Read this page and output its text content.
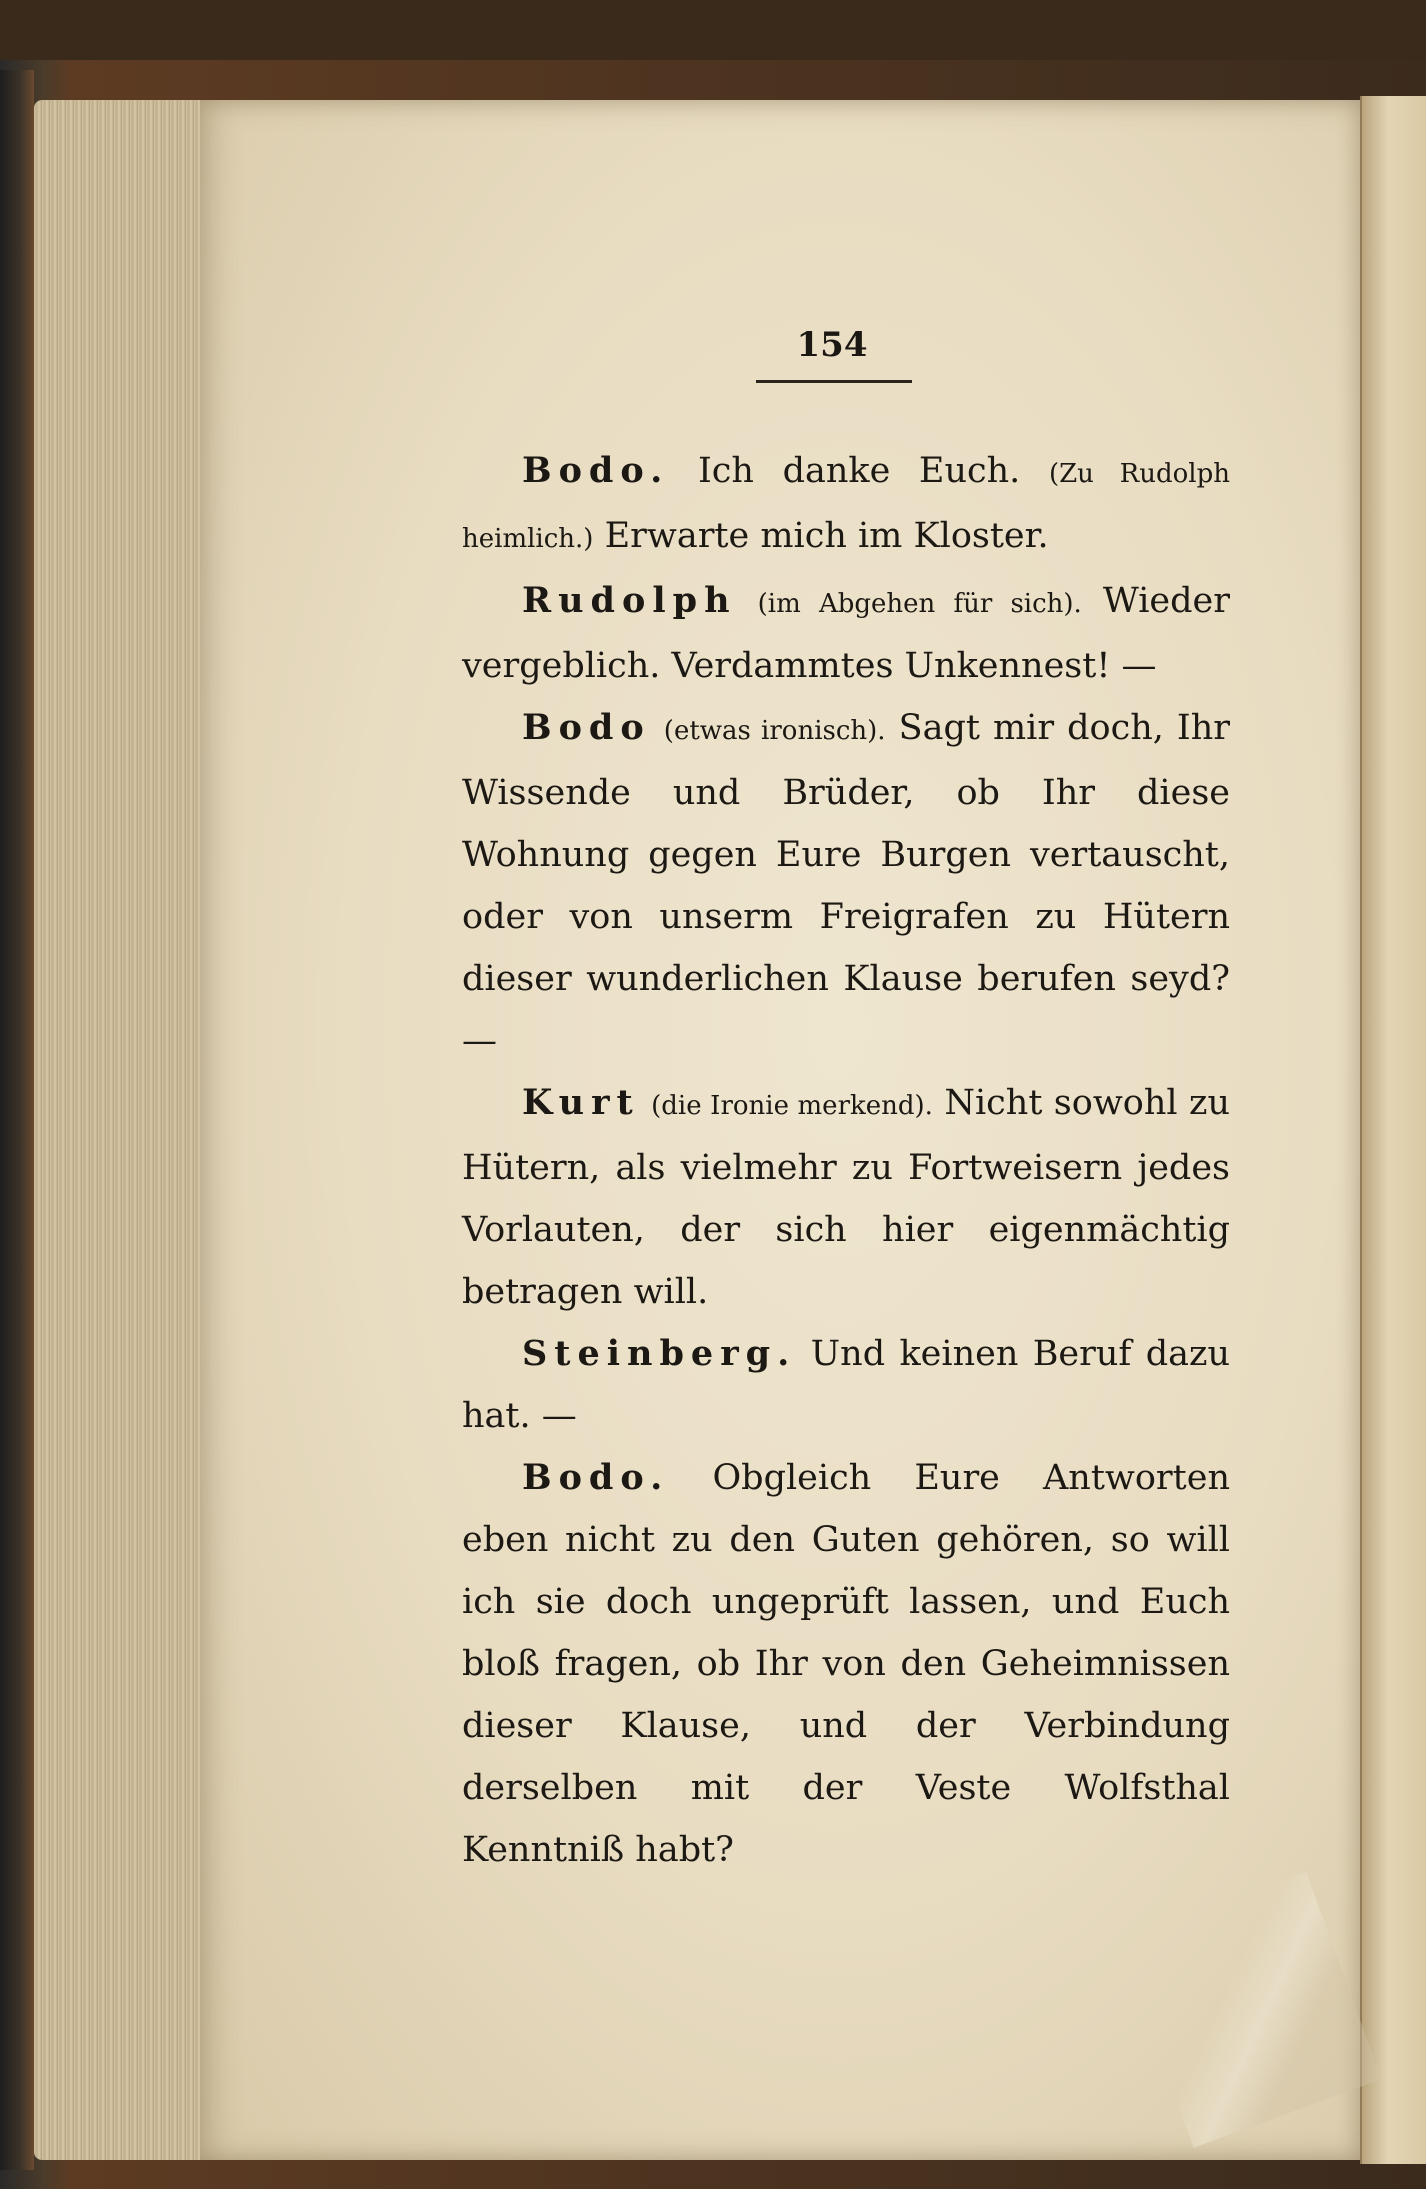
154

Bodo. Ich danke Euch. (Zu Rudolph heimlich.) Erwarte mich im Kloster.

Rudolph (im Abgehen für sich). Wieder vergeblich. Verdammtes Unkennest! —

Bodo (etwas ironisch). Sagt mir doch, Ihr Wissende und Brüder, ob Ihr diese Wohnung gegen Eure Burgen vertauscht, oder von unserm Freigrafen zu Hütern dieser wunderlichen Klause berufen seyd? —

Kurt (die Ironie merkend). Nicht sowohl zu Hütern, als vielmehr zu Fortweisern jedes Vorlauten, der sich hier eigenmächtig betragen will.

Steinberg. Und keinen Beruf dazu hat. —

Bodo. Obgleich Eure Antworten eben nicht zu den Guten gehören, so will ich sie doch ungeprüft lassen, und Euch bloß fragen, ob Ihr von den Geheimnissen dieser Klause, und der Verbindung derselben mit der Veste Wolfsthal Kenntniß habt?
